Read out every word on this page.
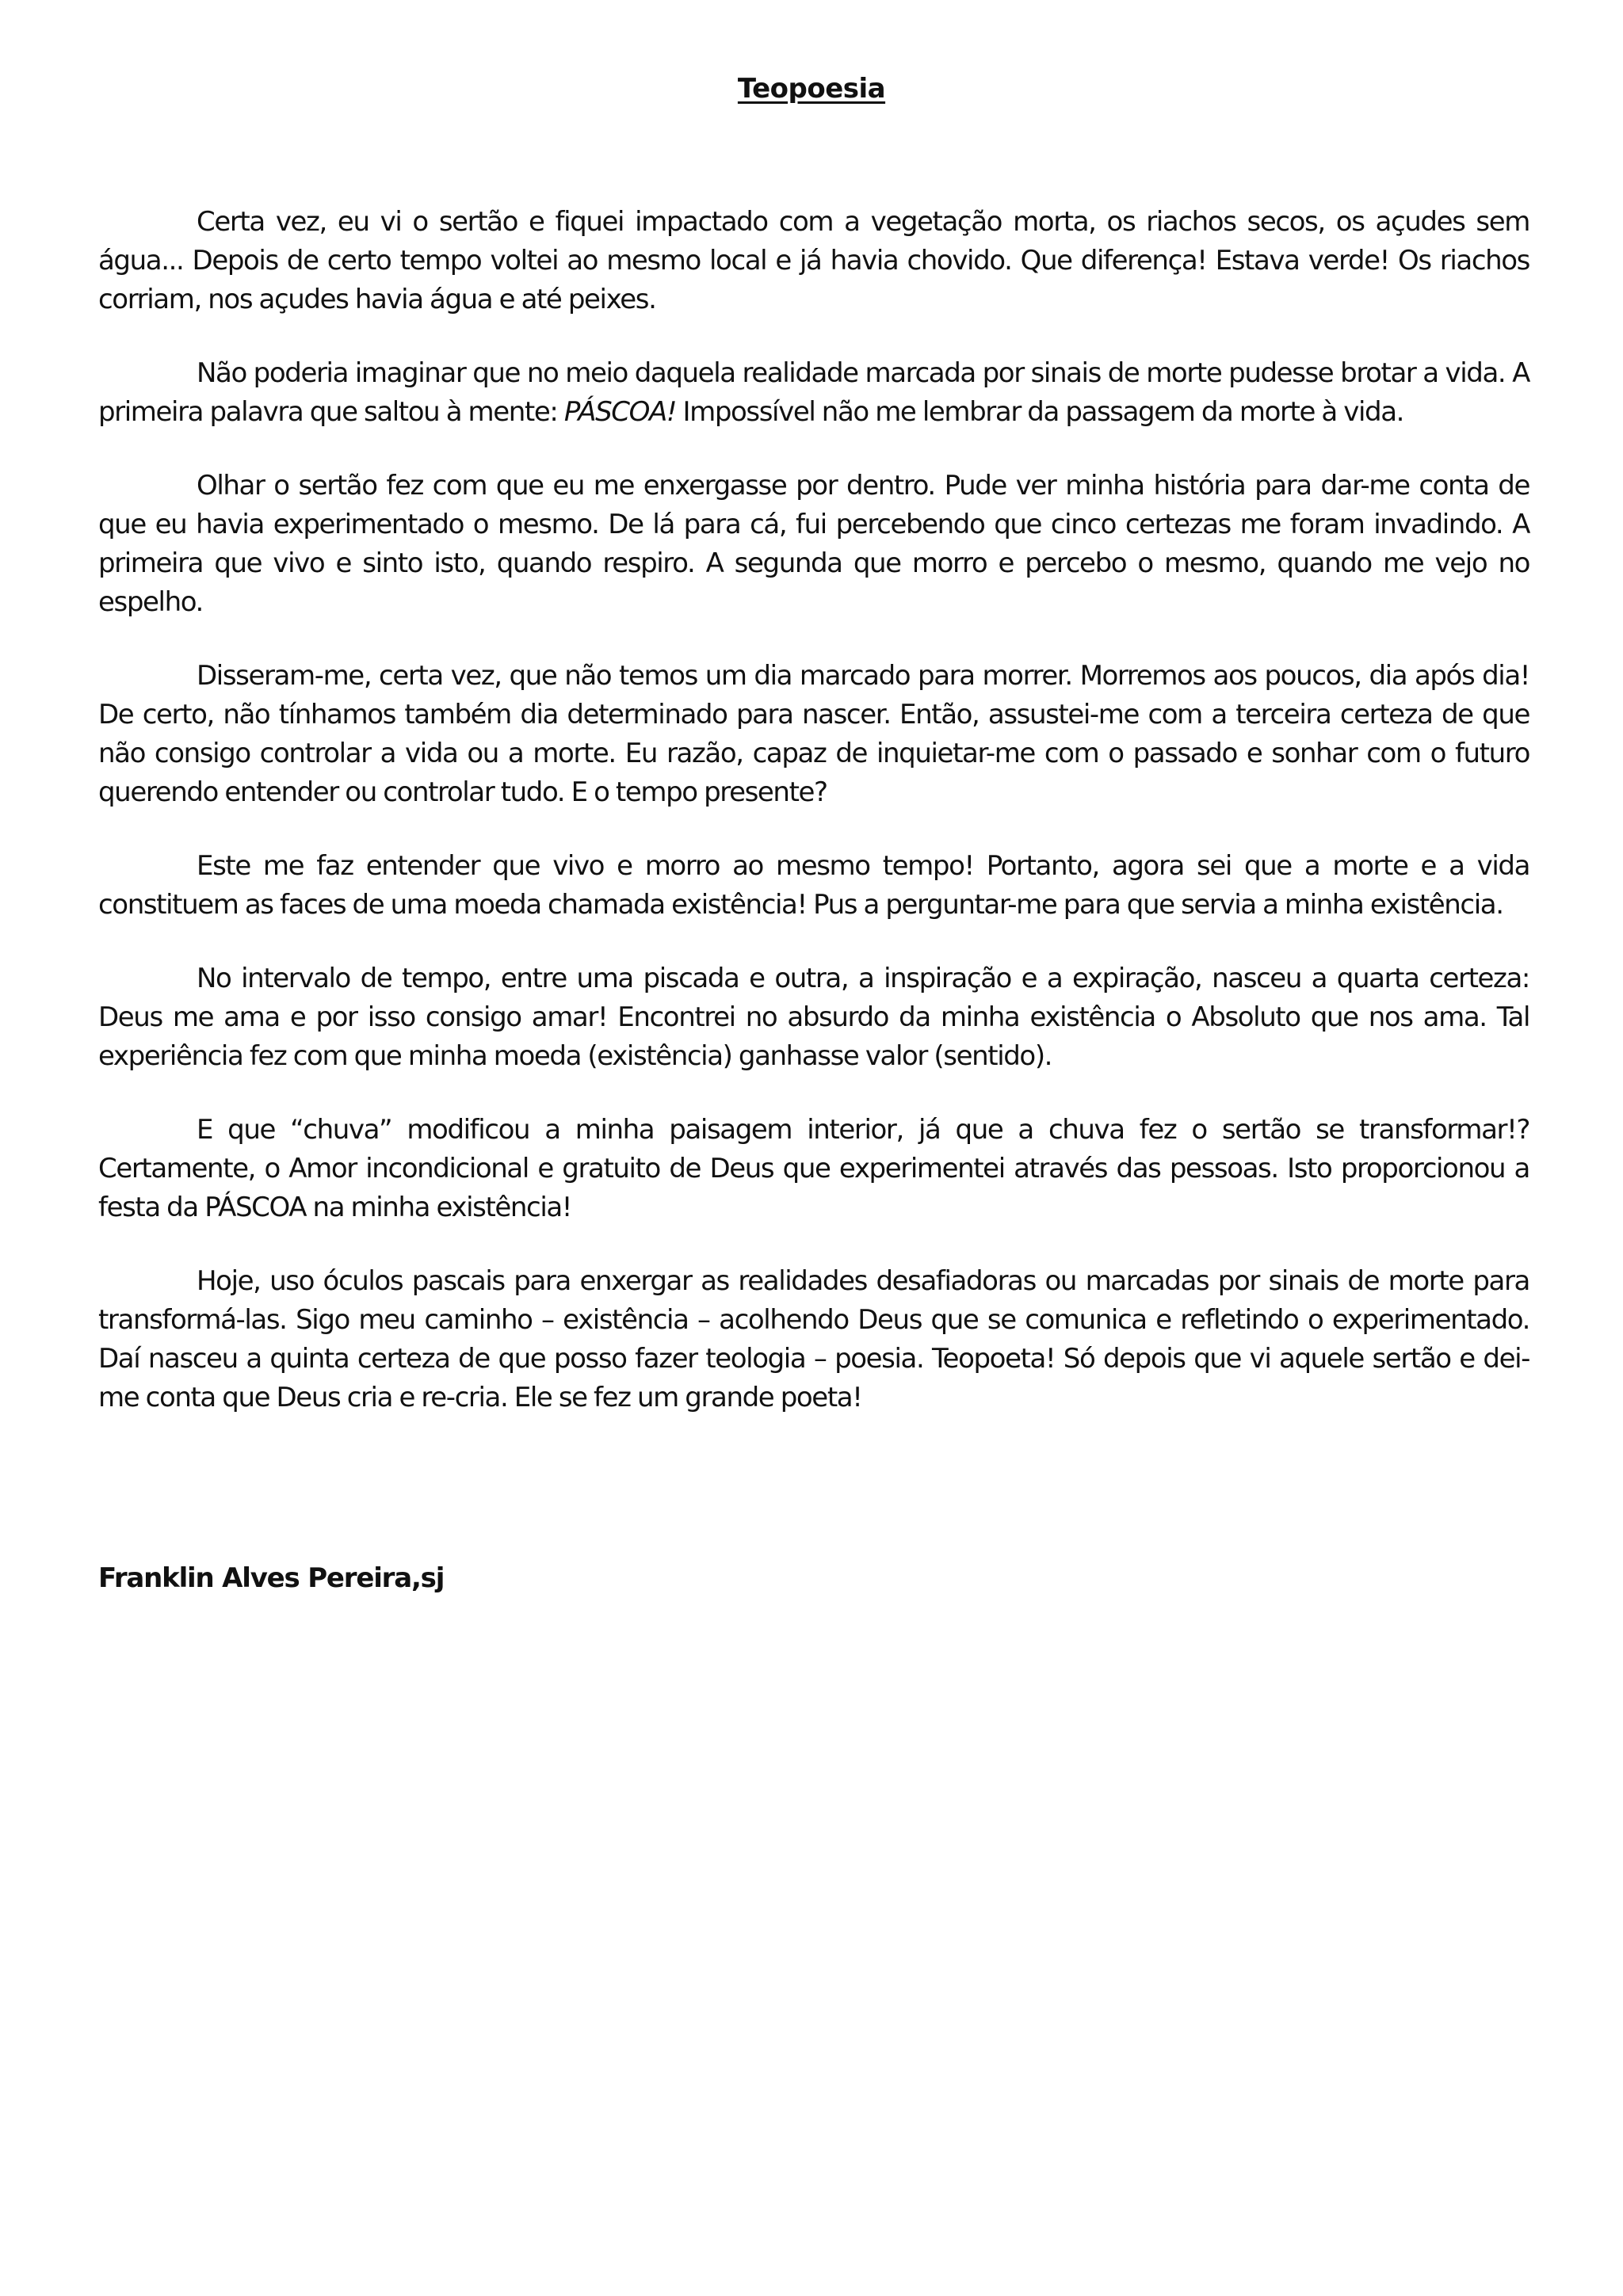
Teopoesia

Certa vez, eu vi o sertão e fiquei impactado com a vegetação morta, os riachos secos, os açudes sem água... Depois de certo tempo voltei ao mesmo local e já havia chovido. Que diferença! Estava verde! Os riachos corriam, nos açudes havia água e até peixes.

Não poderia imaginar que no meio daquela realidade marcada por sinais de morte pudesse brotar a vida. A primeira palavra que saltou à mente: PÁSCOA! Impossível não me lembrar da passagem da morte à vida.

Olhar o sertão fez com que eu me enxergasse por dentro. Pude ver minha história para dar-me conta de que eu havia experimentado o mesmo. De lá para cá, fui percebendo que cinco certezas me foram invadindo. A primeira que vivo e sinto isto, quando respiro. A segunda que morro e percebo o mesmo, quando me vejo no espelho.

Disseram-me, certa vez, que não temos um dia marcado para morrer. Morremos aos poucos, dia após dia! De certo, não tínhamos também dia determinado para nascer. Então, assustei-me com a terceira certeza de que não consigo controlar a vida ou a morte. Eu razão, capaz de inquietar-me com o passado e sonhar com o futuro querendo entender ou controlar tudo. E o tempo presente?

Este me faz entender que vivo e morro ao mesmo tempo! Portanto, agora sei que a morte e a vida constituem as faces de uma moeda chamada existência! Pus a perguntar-me para que servia a minha existência.

No intervalo de tempo, entre uma piscada e outra, a inspiração e a expiração, nasceu a quarta certeza: Deus me ama e por isso consigo amar! Encontrei no absurdo da minha existência o Absoluto que nos ama. Tal experiência fez com que minha moeda (existência) ganhasse valor (sentido).

E que “chuva” modificou a minha paisagem interior, já que a chuva fez o sertão se transformar!? Certamente, o Amor incondicional e gratuito de Deus que experimentei através das pessoas. Isto proporcionou a festa da PÁSCOA na minha existência!

Hoje, uso óculos pascais para enxergar as realidades desafiadoras ou marcadas por sinais de morte para transformá-las. Sigo meu caminho – existência – acolhendo Deus que se comunica e refletindo o experimentado. Daí nasceu a quinta certeza de que posso fazer teologia – poesia. Teopoeta! Só depois que vi aquele sertão e dei-me conta que Deus cria e re-cria. Ele se fez um grande poeta!

Franklin Alves Pereira,sj
